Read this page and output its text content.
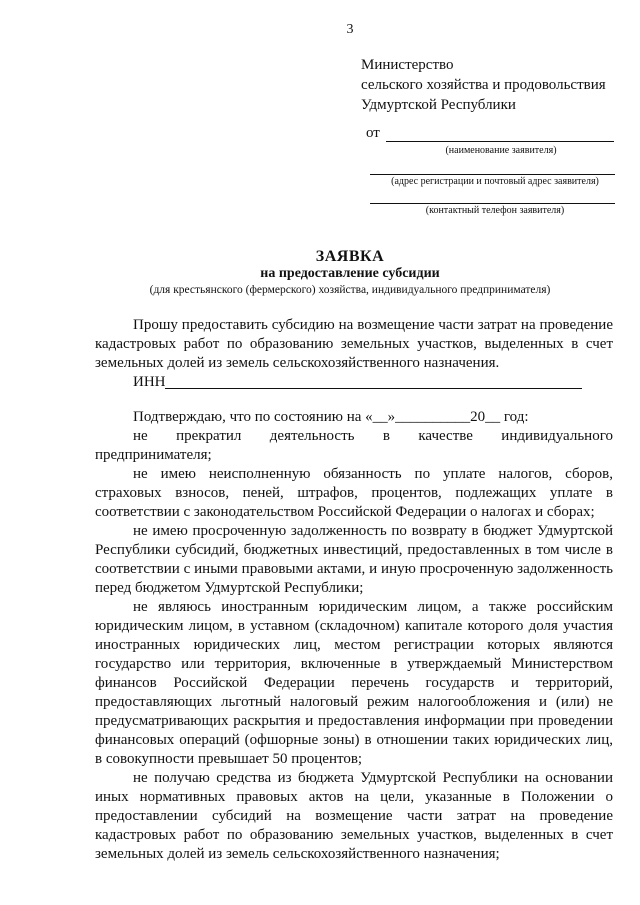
3
Министерство
сельского хозяйства и продовольствия
Удмуртской Республики
от
(наименование заявителя)
(адрес регистрации и почтовый адрес заявителя)
(контактный телефон заявителя)
ЗАЯВКА
на предоставление субсидии
(для крестьянского (фермерского) хозяйства, индивидуального предпринимателя)

Прошу предоставить субсидию на возмещение части затрат на проведение кадастровых работ по образованию земельных участков, выделенных в счет земельных долей из земель сельскохозяйственного назначения.

ИНН

Подтверждаю, что по состоянию на «__»__________20__ год:

не прекратил деятельность в качестве индивидуального
предпринимателя;

не имею неисполненную обязанность по уплате налогов, сборов, страховых взносов, пеней, штрафов, процентов, подлежащих уплате в соответствии с законодательством Российской Федерации о налогах и сборах;

не имею просроченную задолженность по возврату в бюджет Удмуртской Республики субсидий, бюджетных инвестиций, предоставленных в том числе в соответствии с иными правовыми актами, и иную просроченную задолженность перед бюджетом Удмуртской Республики;

не являюсь иностранным юридическим лицом, а также российским юридическим лицом, в уставном (складочном) капитале которого доля участия иностранных юридических лиц, местом регистрации которых являются государство или территория, включенные в утверждаемый Министерством финансов Российской Федерации перечень государств и территорий, предоставляющих льготный налоговый режим налогообложения и (или) не предусматривающих раскрытия и предоставления информации при проведении финансовых операций (офшорные зоны) в отношении таких юридических лиц, в совокупности превышает 50 процентов;

не получаю средства из бюджета Удмуртской Республики на основании иных нормативных правовых актов на цели, указанные в Положении о предоставлении субсидий на возмещение части затрат на проведение кадастровых работ по образованию земельных участков, выделенных в счет земельных долей из земель сельскохозяйственного назначения;
